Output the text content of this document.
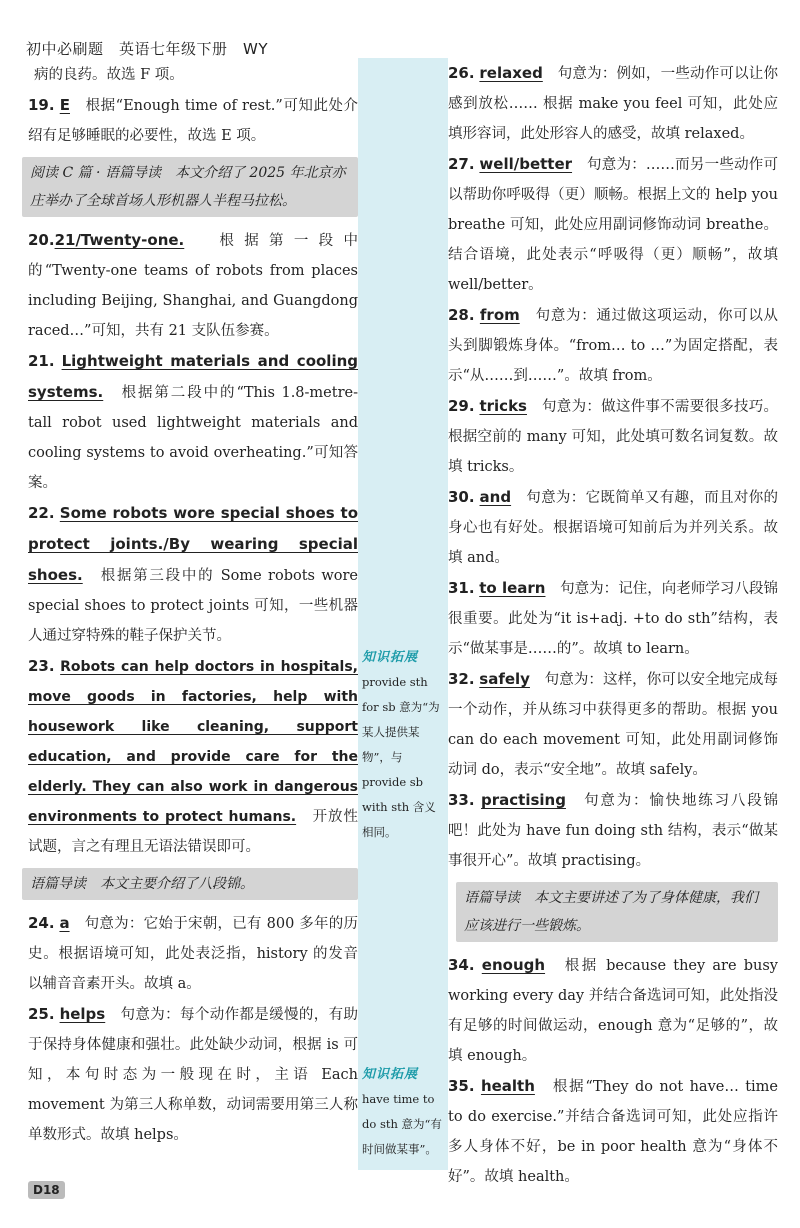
初中必刷题　英语七年级下册　WY
病的良药。故选 F 项。
19. E　 根据“Enough time of rest.”可知此处介绍有足够睡眠的必要性，故选 E 项。
阅读 C 篇 · 语篇导读　本文介绍了 2025 年北京亦庄举办了全球首场人形机器人半程马拉松。
20.21/Twenty-one.　 根据第一段中的“Twenty-one teams of robots from places including Beijing, Shanghai, and Guangdong raced…”可知，共有 21 支队伍参赛。
21. Lightweight materials and cooling systems.　 根据第二段中的“This 1.8-metre-tall robot used lightweight materials and cooling systems to avoid overheating.”可知答案。
22. Some robots wore special shoes to protect joints./By wearing special shoes.　 根据第三段中的 Some robots wore special shoes to protect joints 可知，一些机器人通过穿特殊的鞋子保护关节。
23. Robots can help doctors in hospitals, move goods in factories, help with housework like cleaning, support education, and provide care for the elderly. They can also work in dangerous environments to protect humans.　 开放性试题，言之有理且无语法错误即可。
语篇导读　本文主要介绍了八段锦。
24. a　 句意为：它始于宋朝，已有 800 多年的历史。根据语境可知，此处表泛指，history 的发音以辅音音素开头。故填 a。
25. helps　 句意为：每个动作都是缓慢的，有助于保持身体健康和强壮。此处缺少动词，根据 is 可知，本句时态为一般现在时，主语 Each movement 为第三人称单数，动词需要用第三人称单数形式。故填 helps。
知识拓展
provide sth for sb 意为“为某人提供某物”，与 provide sb with sth 含义相同。
知识拓展
have time to do sth 意为“有时间做某事”。
26. relaxed　 句意为：例如，一些动作可以让你感到放松…… 根据 make you feel 可知，此处应填形容词，此处形容人的感受，故填 relaxed。
27. well/better　 句意为：……而另一些动作可以帮助你呼吸得（更）顺畅。根据上文的 help you breathe 可知，此处应用副词修饰动词 breathe。结合语境，此处表示“呼吸得（更）顺畅”，故填 well/better。
28. from　 句意为：通过做这项运动，你可以从头到脚锻炼身体。“from… to …”为固定搭配，表示“从……到……”。故填 from。
29. tricks　 句意为：做这件事不需要很多技巧。根据空前的 many 可知，此处填可数名词复数。故填 tricks。
30. and　 句意为：它既简单又有趣，而且对你的身心也有好处。根据语境可知前后为并列关系。故填 and。
31. to learn　 句意为：记住，向老师学习八段锦很重要。此处为“it is+adj. +to do sth”结构，表示“做某事是……的”。故填 to learn。
32. safely　 句意为：这样，你可以安全地完成每一个动作，并从练习中获得更多的帮助。根据 you can do each movement 可知，此处用副词修饰动词 do，表示“安全地”。故填 safely。
33. practising　 句意为：愉快地练习八段锦吧！此处为 have fun doing sth 结构，表示“做某事很开心”。故填 practising。
语篇导读　本文主要讲述了为了身体健康，我们应该进行一些锻炼。
34. enough　 根据 because they are busy working every day 并结合备选词可知，此处指没有足够的时间做运动，enough 意为“足够的”，故填 enough。
35. health　 根据“They do not have… time to do exercise.”并结合备选词可知，此处应指许多人身体不好，be in poor health 意为“身体不好”。故填 health。
D18
